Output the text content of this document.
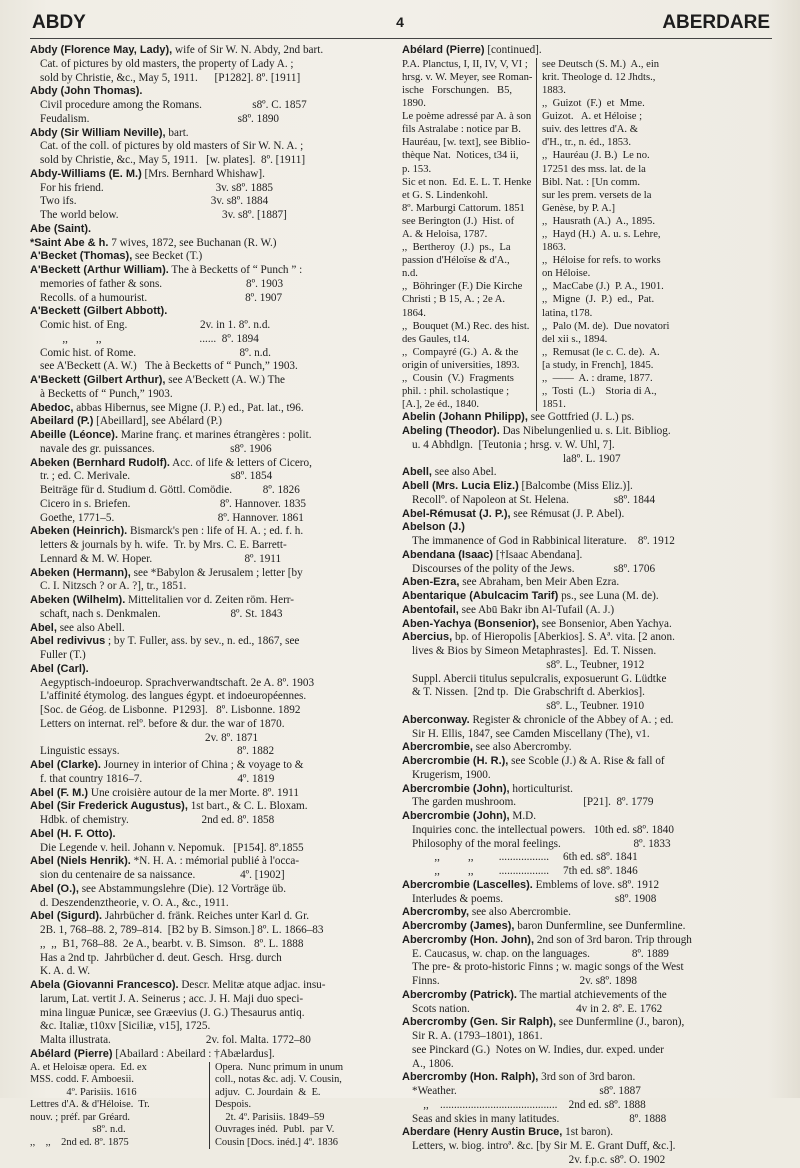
ABDY	4	ABERDARE
Abdy (Florence May, Lady), wife of Sir W. N. Abdy, 2nd bart.
Cat. of pictures by old masters, the property of Lady A. ;
sold by Christie, &c., May 5, 1911.      [P1282]. 8º. [1911]
Abdy (John Thomas).
Civil procedure among the Romans.                  s8º. C. 1857
Feudalism.                                                     s8º. 1890
Abdy (Sir William Neville), bart.
Cat. of the coll. of pictures by old masters of Sir W. N. A. ;
sold by Christie, &c., May 5, 1911.   [w. plates].  8º. [1911]
Abdy-Williams (E. M.) [Mrs. Bernhard Whishaw].
For his friend.                                        3v. s8º. 1885
Two ifs.                                                3v. s8º. 1884
The world below.                                     3v. s8º. [1887]
Abe (Saint).
*Saint Abe & h. 7 wives, 1872, see Buchanan (R. W.)
A'Becket (Thomas), see Becket (T.)
A'Beckett (Arthur William). The à Becketts of “ Punch ” :
memories of father & sons.                              8º. 1903
Recolls. of a humourist.                                   8º. 1907
A'Beckett (Gilbert Abbott).
Comic hist. of Eng.                          2v. in 1. 8º. n.d.
,,          ,,                                   ......  8º. 1894
Comic hist. of Rome.                                     8º. n.d.
see A'Beckett (A. W.)   The à Becketts of “ Punch,” 1903.
A'Beckett (Gilbert Arthur), see A'Beckett (A. W.) The
à Becketts of “ Punch,” 1903.
Abedoc, abbas Hibernus, see Migne (J. P.) ed., Pat. lat., t96.
Abeilard (P.) [Abeillard], see Abélard (P.)
Abeille (Léonce). Marine franç. et marines étrangères : polit.
navale des gr. puissances.                           s8º. 1906
Abeken (Bernhard Rudolf). Acc. of life & letters of Cicero,
tr. ; ed. C. Merivale.                                    s8º. 1854
Beiträge für d. Studium d. Göttl. Comödie.           8º. 1826
Cicero in s. Briefen.                                8º. Hannover. 1835
Goethe, 1771–5.                                     8º. Hannover. 1861
Abeken (Heinrich). Bismarck's pen : life of H. A. ; ed. f. h.
letters & journals by h. wife.  Tr. by Mrs. C. E. Barrett-
Lennard & M. W. Hoper.                                 8º. 1911
Abeken (Hermann), see *Babylon & Jerusalem ; letter [by
C. I. Nitzsch ? or A. ?], tr., 1851.
Abeken (Wilhelm). Mittelitalien vor d. Zeiten röm. Herr-
schaft, nach s. Denkmalen.                         8º. St. 1843
Abel, see also Abell.
Abel redivivus ; by T. Fuller, ass. by sev., n. ed., 1867, see
Fuller (T.)
Abel (Carl).
Aegyptisch-indoeurop. Sprachverwandtschaft. 2e A. 8º. 1903
L'affinité étymolog. des langues égypt. et indoeuropéennes.
[Soc. de Géog. de Lisbonne.  P1293].   8º. Lisbonne. 1892
Letters on internat. relº. before & dur. the war of 1870.
2v. 8º. 1871
Linguistic essays.                                          8º. 1882
Abel (Clarke). Journey in interior of China ; & voyage to &
f. that country 1816–7.                                  4º. 1819
Abel (F. M.) Une croisière autour de la mer Morte. 8º. 1911
Abel (Sir Frederick Augustus), 1st bart., & C. L. Bloxam.
Hdbk. of chemistry.                          2nd ed. 8º. 1858
Abel (H. F. Otto).
Die Legende v. heil. Johann v. Nepomuk.   [P154]. 8º.1855
Abel (Niels Henrik). *N. H. A. : mémorial publié à l'occa-
sion du centenaire de sa naissance.                4º. [1902]
Abel (O.), see Abstammungslehre (Die). 12 Vorträge üb.
d. Deszendenztheorie, v. O. A., &c., 1911.
Abel (Sigurd). Jahrbücher d. fränk. Reiches unter Karl d. Gr.
2B. 1, 768–88. 2, 789–814.  [B2 by B. Simson.] 8º. L. 1866–83
,,  ,,  B1, 768–88.  2e A., bearbt. v. B. Simson.   8º. L. 1888
Has a 2nd tp.  Jahrbücher d. deut. Gesch.  Hrsg. durch
K. A. d. W.
Abela (Giovanni Francesco). Descr. Melitæ atque adjac. insu-
larum, Lat. vertit J. A. Seinerus ; acc. J. H. Maji duo speci-
mina linguæ Punicæ, see Græevius (J. G.) Thesaurus antiq.
&c. Italiæ, t10xv [Siciliæ, v15], 1725.
Malta illustrata.                                  2v. fol. Malta. 1772–80
Abélard (Pierre) [Abailard : Abeilard : †Abælardus].
A. et Heloisæ opera.  Ed. ex
MSS. codd. F. Amboesii.
4º. Parisiis. 1616
Lettres d'A. & d'Héloise.  Tr.
nouv. ; préf. par Gréard.
s8º. n.d.
,,    ,,    2nd ed. 8º. 1875
Opera.  Nunc primum in unum
coll., notas &c. adj. V. Cousin,
adjuv.  C. Jourdain  &  E.
Despois.
2t. 4º. Parisiis. 1849–59
Ouvrages inéd.  Publ.  par V.
Cousin [Docs. inéd.] 4º. 1836
Abélard (Pierre) [continued].
P.A. Planctus, I, II, IV, V, VI ;
hrsg. v. W. Meyer, see Roman-
ische   Forschungen.   B5,
1890.
Le poème adressé par A. à son
fils Astralabe : notice par B.
Hauréau, [w. text], see Biblio-
thèque Nat.  Notices, t34 ii,
p. 153.
Sic et non.  Ed. E. L. T. Henke
et G. S. Lindenkohl.
8º. Marburgi Cattorum. 1851
see Berington (J.)  Hist. of
A. & Heloisa, 1787.
,,  Bertheroy  (J.)  ps.,  La
passion d'Héloïse & d'A.,
n.d.
,,  Böhringer (F.) Die Kirche
Christi ; B 15, A. ; 2e A.
1864.
,,  Bouquet (M.) Rec. des hist.
des Gaules, t14.
,,  Compayré (G.)  A. & the
origin of universities, 1893.
,,  Cousin  (V.)  Fragments
phil. : phil. scholastique ;
[A.], 2e éd., 1840.
see Deutsch (S. M.)  A., ein
krit. Theologe d. 12 Jhdts.,
1883.
,,  Guizot  (F.)  et  Mme.
Guizot.   A. et Héloise ;
suiv. des lettres d'A. &
d'H., tr., n. éd., 1853.
,,  Hauréau (J. B.)  Le no.
17251 des mss. lat. de la
Bibl. Nat. : [Un comm.
sur les prem. versets de la
Genèse, by P. A.]
,,  Hausrath (A.)  A., 1895.
,,  Hayd (H.)  A. u. s. Lehre,
1863.
,,  Héloise for refs. to works
on Héloise.
,,  MacCabe (J.)  P. A., 1901.
,,  Migne  (J.  P.)  ed.,  Pat.
latina, t178.
,,  Palo (M. de).  Due novatori
del xii s., 1894.
,,  Remusat (le c. C. de).  A.
[a study, in French], 1845.
,,  ——  A. : drame, 1877.
,,  Tosti  (L.)    Storia di A.,
1851.
Abelin (Johann Philipp), see Gottfried (J. L.) ps.
Abeling (Theodor). Das Nibelungenlied u. s. Lit. Bibliog.
u. 4 Abhdlgn.  [Teutonia ; hrsg. v. W. Uhl, 7].
la8º. L. 1907
Abell, see also Abel.
Abell (Mrs. Lucia Eliz.) [Balcombe (Miss Eliz.)].
Recollº. of Napoleon at St. Helena.                s8º. 1844
Abel-Rémusat (J. P.), see Rémusat (J. P. Abel).
Abelson (J.)
The immanence of God in Rabbinical literature.    8º. 1912
Abendana (Isaac) [†Isaac Abendana].
Discourses of the polity of the Jews.              s8º. 1706
Aben-Ezra, see Abraham, ben Meir Aben Ezra.
Abentarique (Abulcacim Tarif) ps., see Luna (M. de).
Abentofail, see Abū Bakr ibn Al-Tufail (A. J.)
Aben-Yachya (Bonsenior), see Bonsenior, Aben Yachya.
Abercius, bp. of Hieropolis [Aberkios]. S. Aª. vita. [2 anon.
lives & Bios by Simeon Metaphrastes].  Ed. T. Nissen.
s8º. L., Teubner, 1912
Suppl. Abercii titulus sepulcralis, exposuerunt G. Lüdtke
& T. Nissen.  [2nd tp.  Die Grabschrift d. Aberkios].
s8º. L., Teubner. 1910
Aberconway. Register & chronicle of the Abbey of A. ; ed.
Sir H. Ellis, 1847, see Camden Miscellany (The), v1.
Abercrombie, see also Abercromby.
Abercrombie (H. R.), see Scoble (J.) & A. Rise & fall of
Krugerism, 1900.
Abercrombie (John), horticulturist.
The garden mushroom.                        [P21].  8º. 1779
Abercrombie (John), M.D.
Inquiries conc. the intellectual powers.   10th ed. s8º. 1840
Philosophy of the moral feelings.                          8º. 1833
,,          ,,         ..................     6th ed. s8º. 1841
,,          ,,         ..................     7th ed. s8º. 1846
Abercrombie (Lascelles). Emblems of love. s8º. 1912
Interludes & poems.                                        s8º. 1908
Abercromby, see also Abercrombie.
Abercromby (James), baron Dunfermline, see Dunfermline.
Abercromby (Hon. John), 2nd son of 3rd baron. Trip through
E. Caucasus, w. chap. on the languages.               8º. 1889
The pre- & proto-historic Finns ; w. magic songs of the West
Finns.                                                  2v. s8º. 1898
Abercromby (Patrick). The martial atchievements of the
Scots nation.                                      4v in 2. 8º. E. 1762
Abercromby (Gen. Sir Ralph), see Dunfermline (J., baron),
Sir R. A. (1793–1801), 1861.
see Pinckard (G.)  Notes on W. Indies, dur. exped. under
A., 1806.
Abercromby (Hon. Ralph), 3rd son of 3rd baron.
*Weather.                                                   s8º. 1887
,,    ..........................................    2nd ed. s8º. 1888
Seas and skies in many latitudes.                         8º. 1888
Aberdare (Henry Austin Bruce, 1st baron).
Letters, w. biog. introª. &c. [by Sir M. E. Grant Duff, &c.].
2v. f.p.c. s8º. O. 1902
